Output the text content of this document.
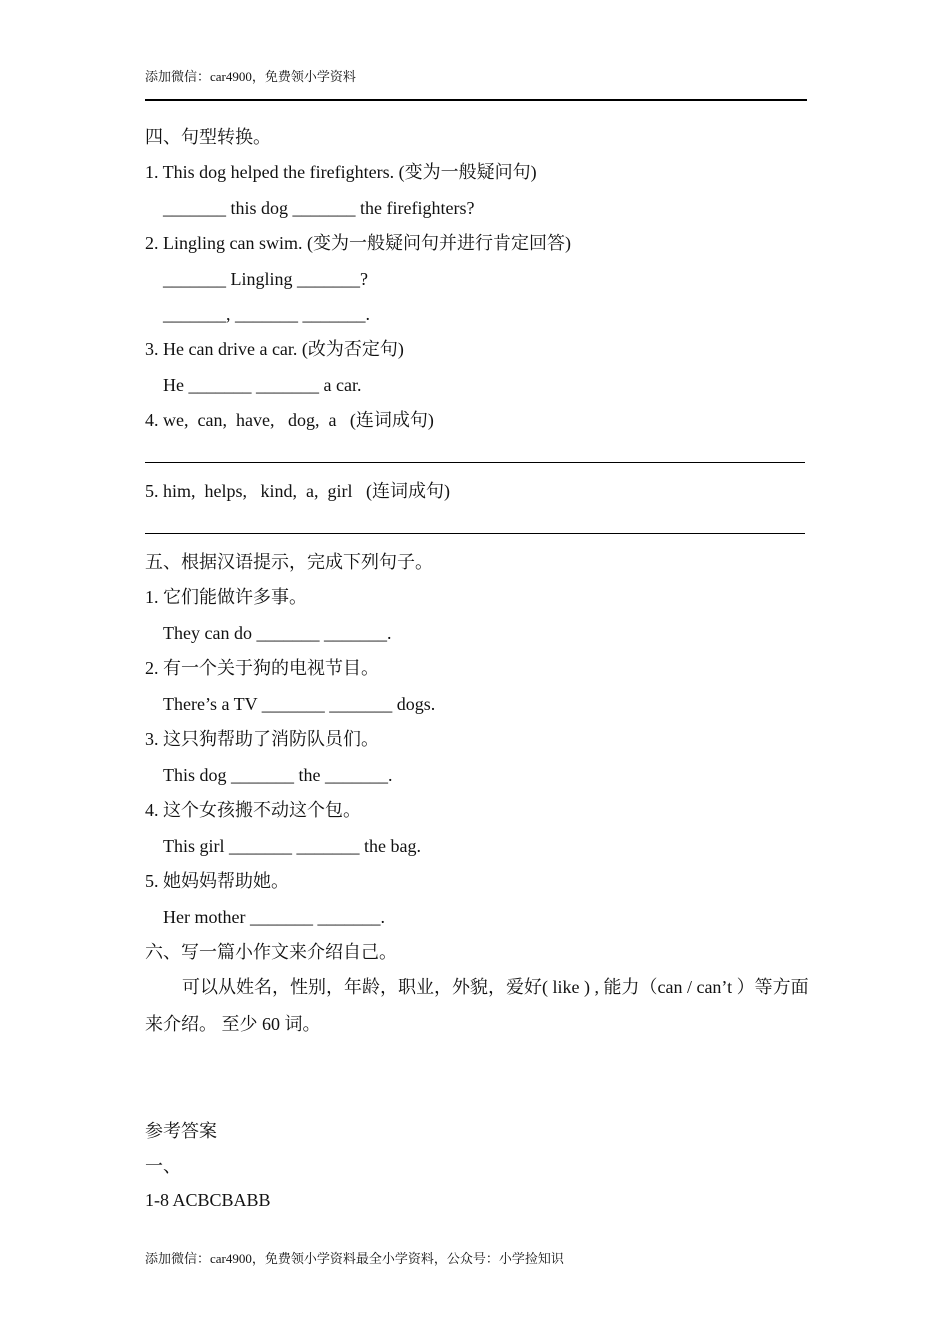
添加微信：car4900，免费领小学资料
四、句型转换。
1. This dog helped the firefighters. (变为一般疑问句)
_______ this dog _______ the firefighters?
2. Lingling can swim. (变为一般疑问句并进行肯定回答)
_______ Lingling _______?
_______, _______ _______.
3. He can drive a car. (改为否定句)
He _______ _______ a car.
4. we,  can,  have,   dog,  a   (连词成句)
5. him,  helps,   kind,  a,  girl   (连词成句)
五、根据汉语提示，完成下列句子。
1. 它们能做许多事。
They can do _______ _______.
2. 有一个关于狗的电视节目。
There’s a TV _______ _______ dogs.
3. 这只狗帮助了消防队员们。
This dog _______ the _______.
4. 这个女孩搬不动这个包。
This girl _______ _______ the bag.
5. 她妈妈帮助她。
Her mother _______ _______.
六、写一篇小作文来介绍自己。
可以从姓名，性别，年龄，职业，外貌，爱好( like ) , 能力（can / can’t ）等方面
来介绍。 至少 60 词。
参考答案
一、
1-8 ACBCBABB
添加微信：car4900，免费领小学资料最全小学资料，公众号：小学捡知识
